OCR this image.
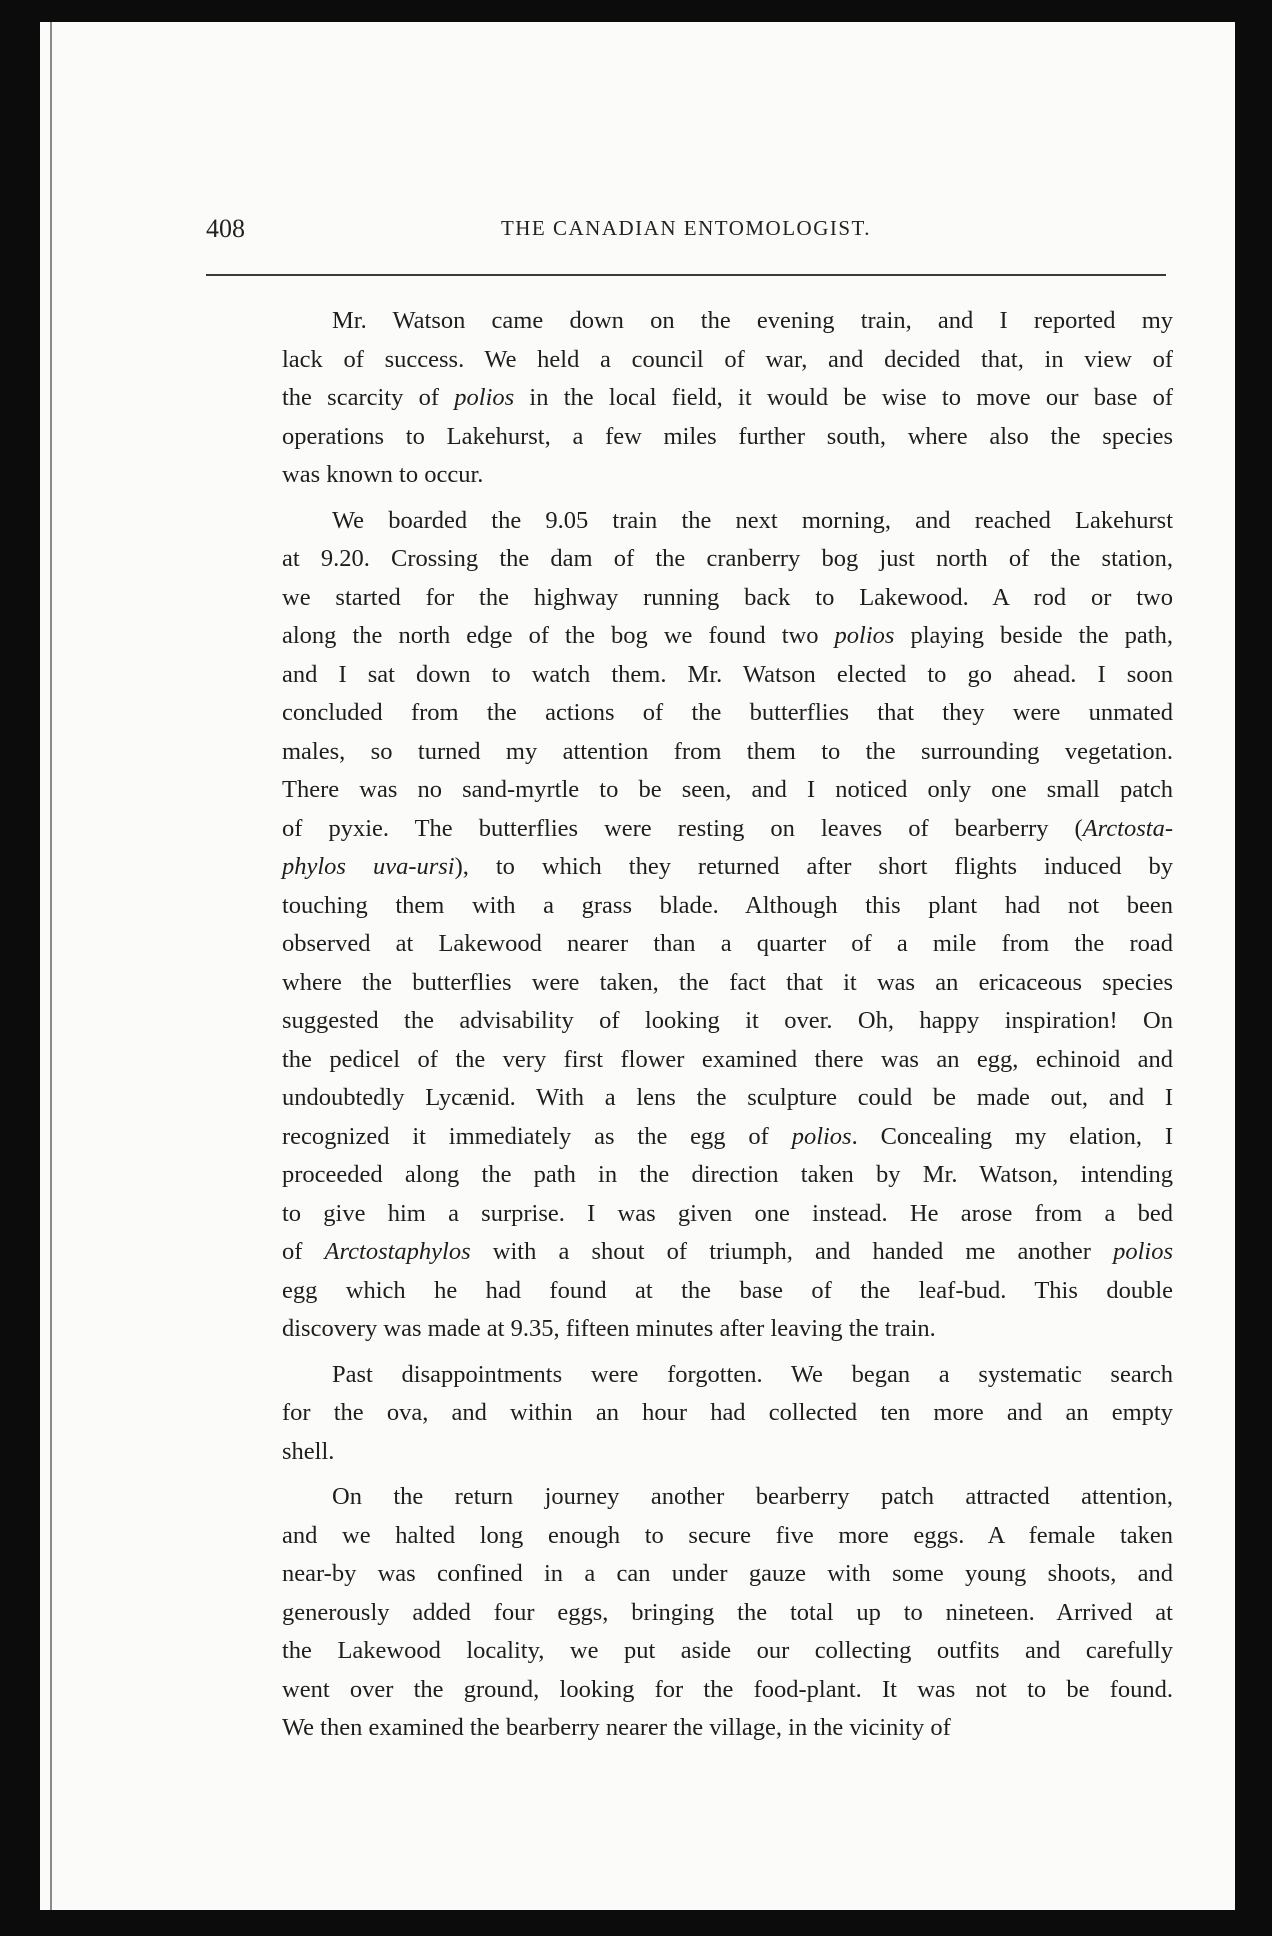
408	THE CANADIAN ENTOMOLOGIST.
Mr. Watson came down on the evening train, and I reported my
lack of success. We held a council of war, and decided that, in view of
the scarcity of polios in the local field, it would be wise to move our base of
operations to Lakehurst, a few miles further south, where also the species
was known to occur.
We boarded the 9.05 train the next morning, and reached Lakehurst
at 9.20. Crossing the dam of the cranberry bog just north of the station,
we started for the highway running back to Lakewood. A rod or two
along the north edge of the bog we found two polios playing beside the path,
and I sat down to watch them. Mr. Watson elected to go ahead. I soon
concluded from the actions of the butterflies that they were unmated
males, so turned my attention from them to the surrounding vegetation.
There was no sand-myrtle to be seen, and I noticed only one small patch
of pyxie. The butterflies were resting on leaves of bearberry (Arctosta-
phylos uva-ursi), to which they returned after short flights induced by
touching them with a grass blade. Although this plant had not been
observed at Lakewood nearer than a quarter of a mile from the road
where the butterflies were taken, the fact that it was an ericaceous species
suggested the advisability of looking it over. Oh, happy inspiration! On
the pedicel of the very first flower examined there was an egg, echinoid and
undoubtedly Lycænid. With a lens the sculpture could be made out, and I
recognized it immediately as the egg of polios. Concealing my elation, I
proceeded along the path in the direction taken by Mr. Watson, intending
to give him a surprise. I was given one instead. He arose from a bed
of Arctostaphylos with a shout of triumph, and handed me another polios
egg which he had found at the base of the leaf-bud. This double
discovery was made at 9.35, fifteen minutes after leaving the train.
Past disappointments were forgotten. We began a systematic search
for the ova, and within an hour had collected ten more and an empty
shell.
On the return journey another bearberry patch attracted attention,
and we halted long enough to secure five more eggs. A female taken
near-by was confined in a can under gauze with some young shoots, and
generously added four eggs, bringing the total up to nineteen. Arrived at
the Lakewood locality, we put aside our collecting outfits and carefully
went over the ground, looking for the food-plant. It was not to be found.
We then examined the bearberry nearer the village, in the vicinity of
